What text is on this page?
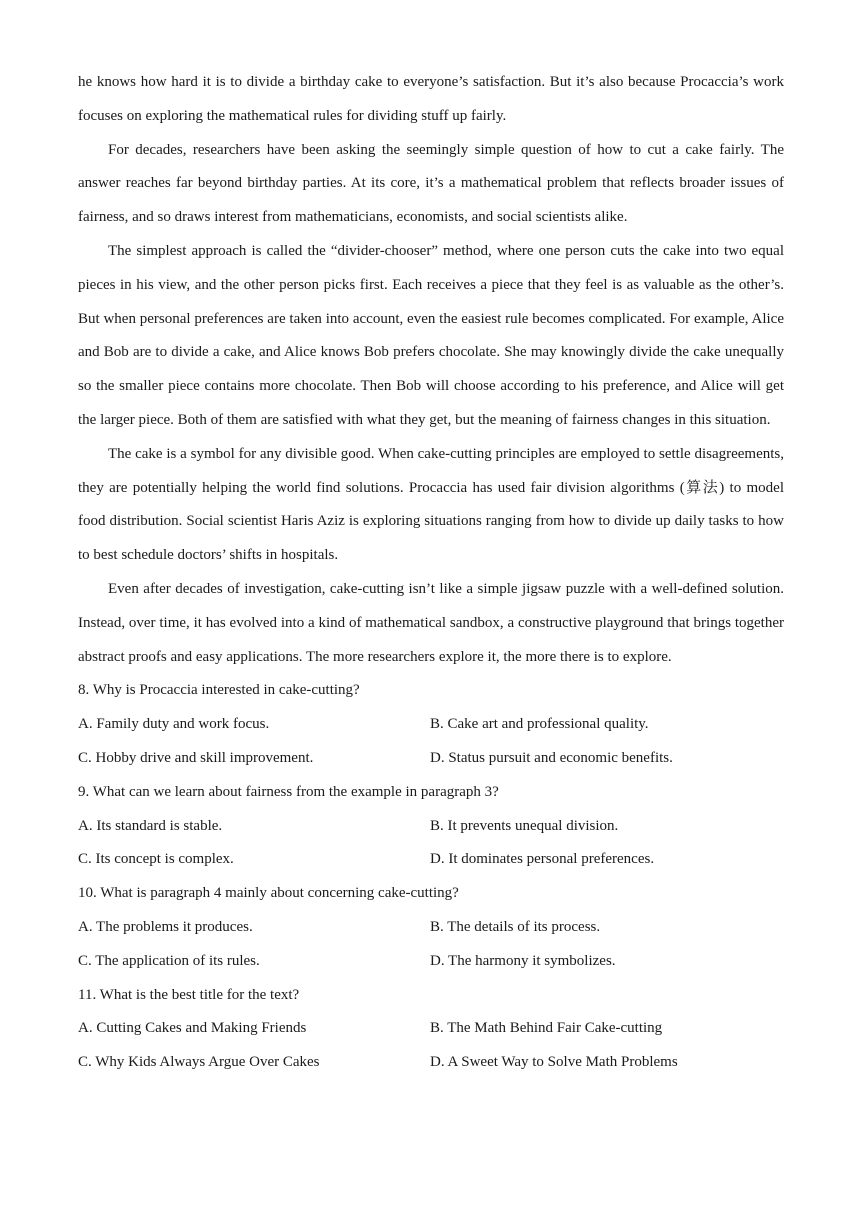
he knows how hard it is to divide a birthday cake to everyone’s satisfaction. But it’s also because Procaccia’s work focuses on exploring the mathematical rules for dividing stuff up fairly.

For decades, researchers have been asking the seemingly simple question of how to cut a cake fairly. The answer reaches far beyond birthday parties. At its core, it’s a mathematical problem that reflects broader issues of fairness, and so draws interest from mathematicians, economists, and social scientists alike.

The simplest approach is called the “divider-chooser” method, where one person cuts the cake into two equal pieces in his view, and the other person picks first. Each receives a piece that they feel is as valuable as the other’s. But when personal preferences are taken into account, even the easiest rule becomes complicated. For example, Alice and Bob are to divide a cake, and Alice knows Bob prefers chocolate. She may knowingly divide the cake unequally so the smaller piece contains more chocolate. Then Bob will choose according to his preference, and Alice will get the larger piece. Both of them are satisfied with what they get, but the meaning of fairness changes in this situation.

The cake is a symbol for any divisible good. When cake-cutting principles are employed to settle disagreements, they are potentially helping the world find solutions. Procaccia has used fair division algorithms (算法) to model food distribution. Social scientist Haris Aziz is exploring situations ranging from how to divide up daily tasks to how to best schedule doctors’ shifts in hospitals.

Even after decades of investigation, cake-cutting isn’t like a simple jigsaw puzzle with a well-defined solution. Instead, over time, it has evolved into a kind of mathematical sandbox, a constructive playground that brings together abstract proofs and easy applications. The more researchers explore it, the more there is to explore.

8. Why is Procaccia interested in cake-cutting?

A. Family duty and work focus.	B. Cake art and professional quality.
C. Hobby drive and skill improvement.	D. Status pursuit and economic benefits.

9. What can we learn about fairness from the example in paragraph 3?

A. Its standard is stable.	B. It prevents unequal division.
C. Its concept is complex.	D. It dominates personal preferences.

10. What is paragraph 4 mainly about concerning cake-cutting?

A. The problems it produces.	B. The details of its process.
C. The application of its rules.	D. The harmony it symbolizes.

11. What is the best title for the text?

A. Cutting Cakes and Making Friends	B. The Math Behind Fair Cake-cutting
C. Why Kids Always Argue Over Cakes	D. A Sweet Way to Solve Math Problems
